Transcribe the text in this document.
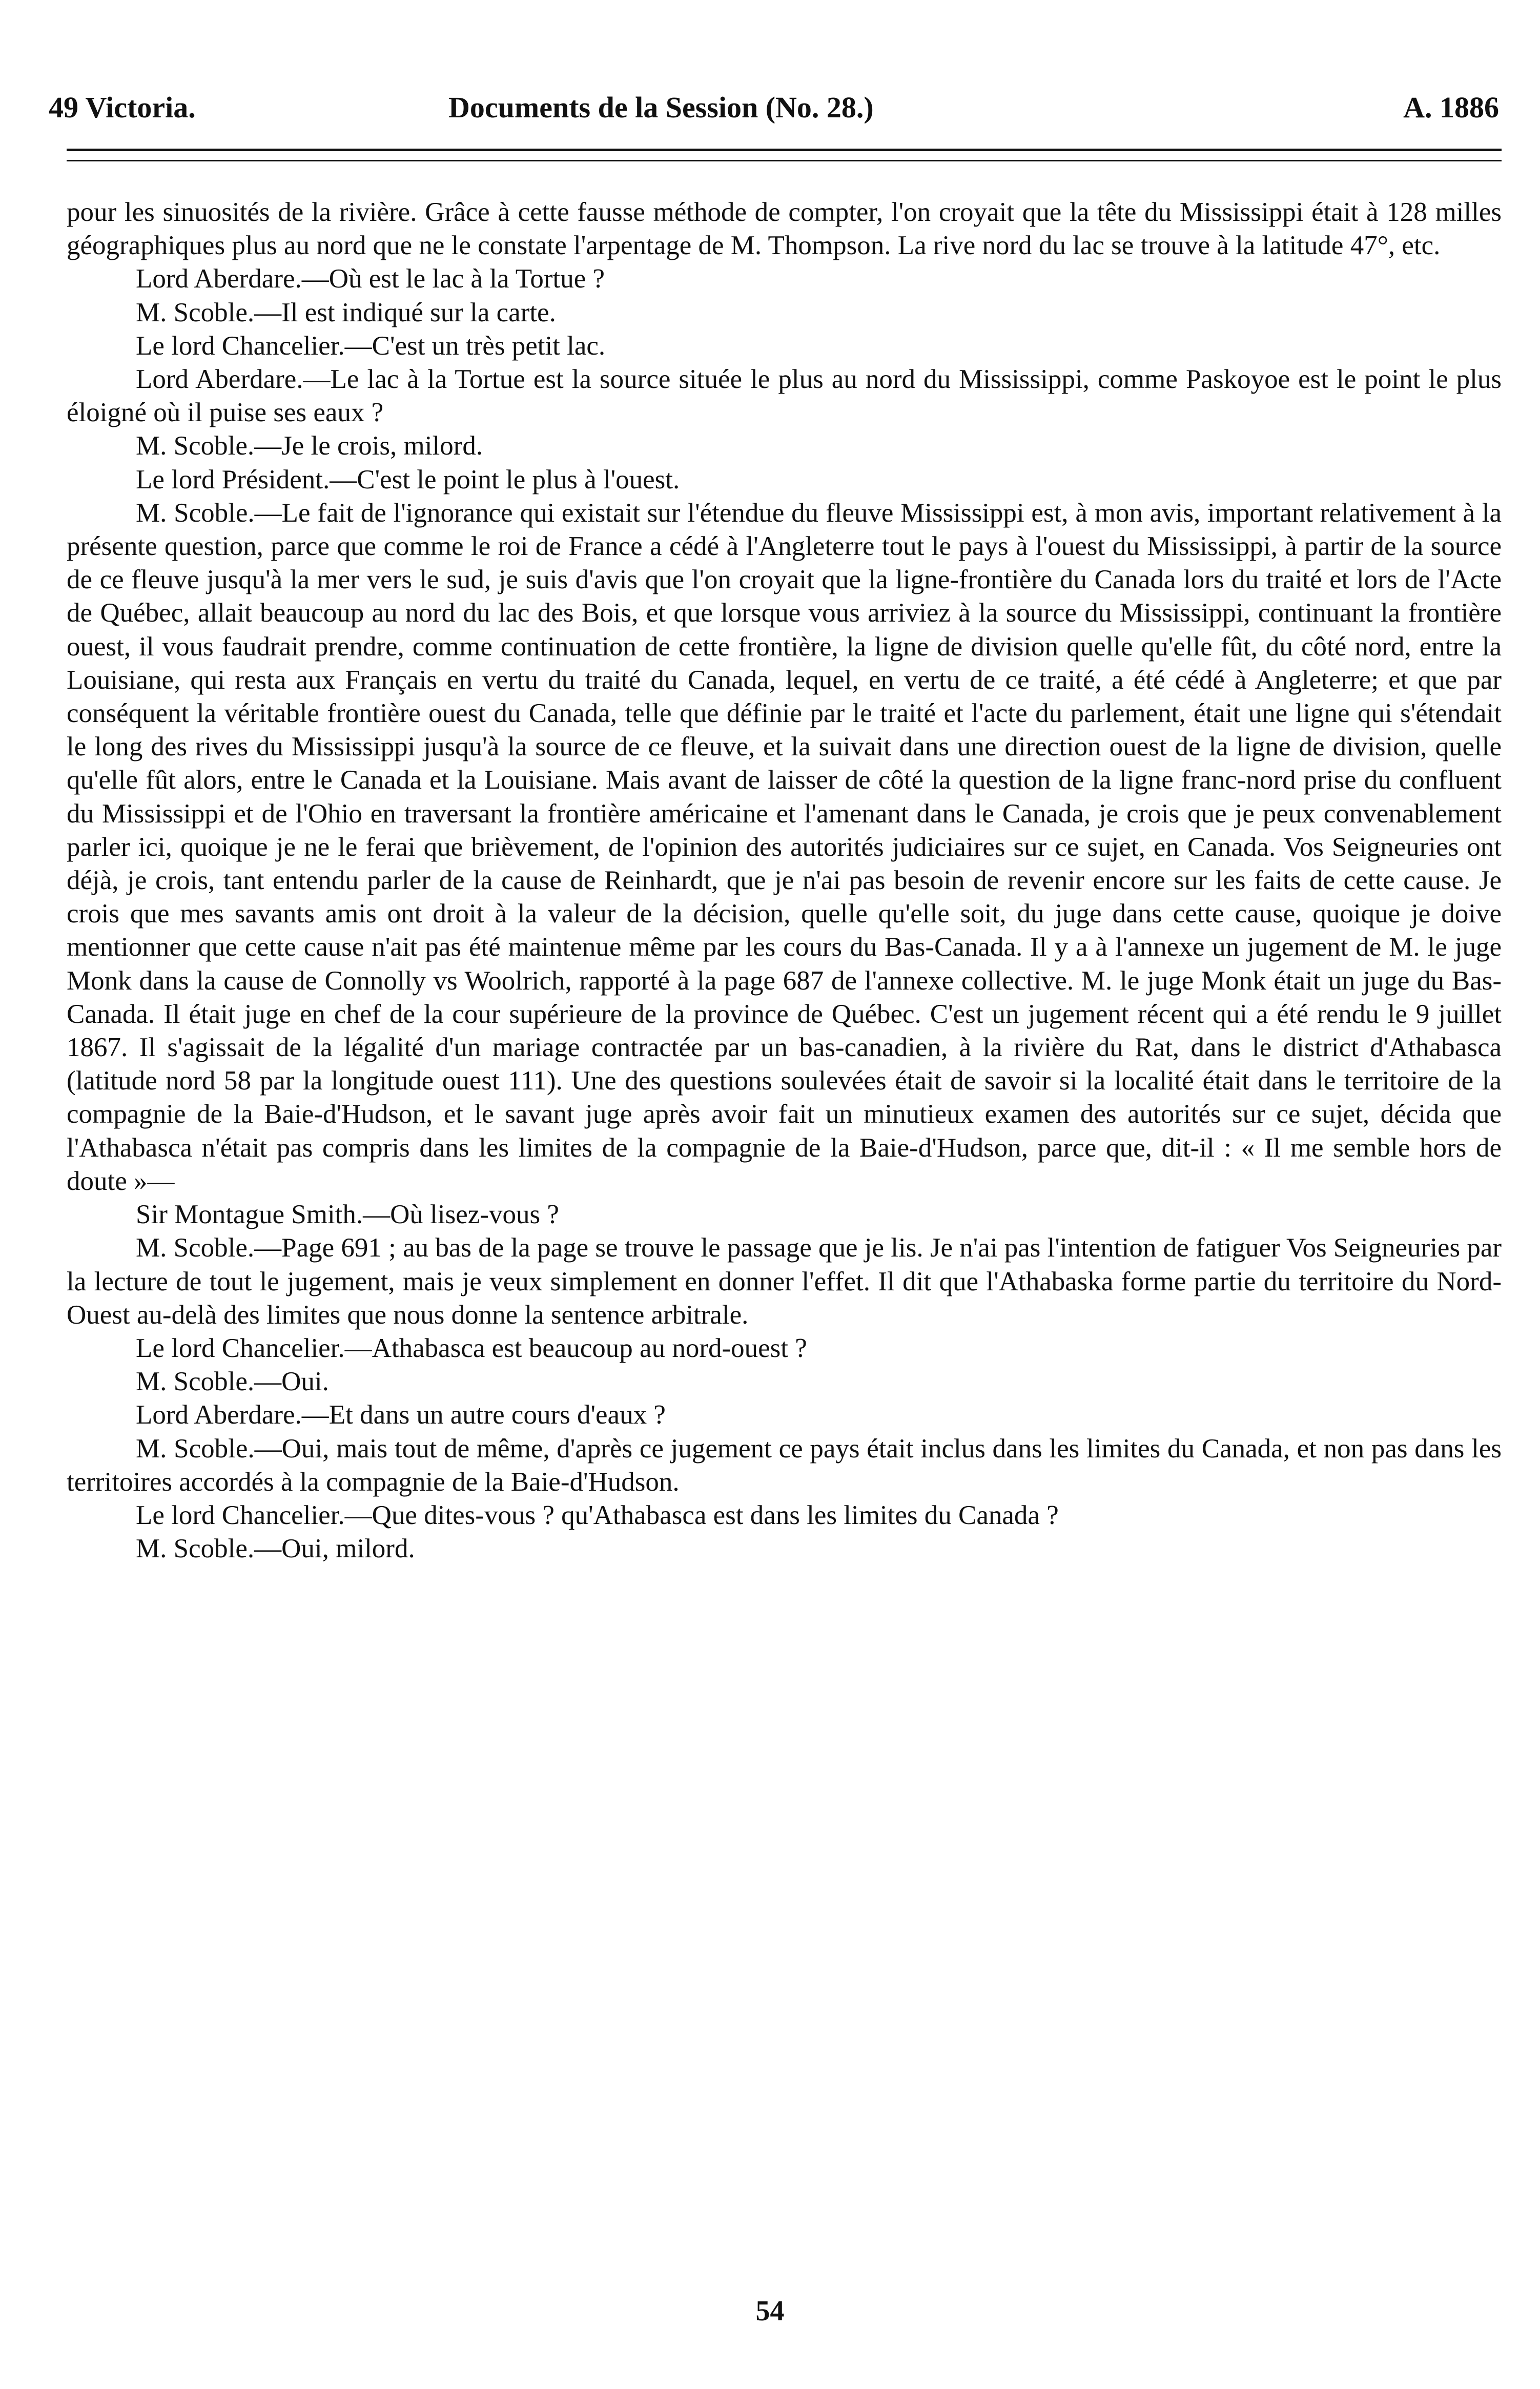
49 Victoria.	Documents de la Session (No. 28.)	A. 1886

pour les sinuosités de la rivière. Grâce à cette fausse méthode de compter, l'on croyait que la tête du Mississippi était à 128 milles géographiques plus au nord que ne le constate l'arpentage de M. Thompson. La rive nord du lac se trouve à la latitude 47°, etc.

Lord Aberdare.—Où est le lac à la Tortue ?

M. Scoble.—Il est indiqué sur la carte.

Le lord Chancelier.—C'est un très petit lac.

Lord Aberdare.—Le lac à la Tortue est la source située le plus au nord du Mississippi, comme Paskoyoe est le point le plus éloigné où il puise ses eaux ?

M. Scoble.—Je le crois, milord.

Le lord Président.—C'est le point le plus à l'ouest.

M. Scoble.—Le fait de l'ignorance qui existait sur l'étendue du fleuve Mississippi est, à mon avis, important relativement à la présente question, parce que comme le roi de France a cédé à l'Angleterre tout le pays à l'ouest du Mississippi, à partir de la source de ce fleuve jusqu'à la mer vers le sud, je suis d'avis que l'on croyait que la ligne-frontière du Canada lors du traité et lors de l'Acte de Québec, allait beaucoup au nord du lac des Bois, et que lorsque vous arriviez à la source du Mississippi, continuant la frontière ouest, il vous faudrait prendre, comme continuation de cette frontière, la ligne de division quelle qu'elle fût, du côté nord, entre la Louisiane, qui resta aux Français en vertu du traité du Canada, lequel, en vertu de ce traité, a été cédé à Angleterre; et que par conséquent la véritable frontière ouest du Canada, telle que définie par le traité et l'acte du parlement, était une ligne qui s'étendait le long des rives du Mississippi jusqu'à la source de ce fleuve, et la suivait dans une direction ouest de la ligne de division, quelle qu'elle fût alors, entre le Canada et la Louisiane. Mais avant de laisser de côté la question de la ligne franc-nord prise du confluent du Mississippi et de l'Ohio en traversant la frontière américaine et l'amenant dans le Canada, je crois que je peux convenablement parler ici, quoique je ne le ferai que brièvement, de l'opinion des autorités judiciaires sur ce sujet, en Canada. Vos Seigneuries ont déjà, je crois, tant entendu parler de la cause de Reinhardt, que je n'ai pas besoin de revenir encore sur les faits de cette cause. Je crois que mes savants amis ont droit à la valeur de la décision, quelle qu'elle soit, du juge dans cette cause, quoique je doive mentionner que cette cause n'ait pas été maintenue même par les cours du Bas-Canada. Il y a à l'annexe un jugement de M. le juge Monk dans la cause de Connolly vs Woolrich, rapporté à la page 687 de l'annexe collective. M. le juge Monk était un juge du Bas-Canada. Il était juge en chef de la cour supérieure de la province de Québec. C'est un jugement récent qui a été rendu le 9 juillet 1867. Il s'agissait de la légalité d'un mariage contractée par un bas-canadien, à la rivière du Rat, dans le district d'Athabasca (latitude nord 58 par la longitude ouest 111). Une des questions soulevées était de savoir si la localité était dans le territoire de la compagnie de la Baie-d'Hudson, et le savant juge après avoir fait un minutieux examen des autorités sur ce sujet, décida que l'Athabasca n'était pas compris dans les limites de la compagnie de la Baie-d'Hudson, parce que, dit-il : « Il me semble hors de doute »—

Sir Montague Smith.—Où lisez-vous ?

M. Scoble.—Page 691 ; au bas de la page se trouve le passage que je lis. Je n'ai pas l'intention de fatiguer Vos Seigneuries par la lecture de tout le jugement, mais je veux simplement en donner l'effet. Il dit que l'Athabaska forme partie du territoire du Nord-Ouest au-delà des limites que nous donne la sentence arbitrale.

Le lord Chancelier.—Athabasca est beaucoup au nord-ouest ?

M. Scoble.—Oui.

Lord Aberdare.—Et dans un autre cours d'eaux ?

M. Scoble.—Oui, mais tout de même, d'après ce jugement ce pays était inclus dans les limites du Canada, et non pas dans les territoires accordés à la compagnie de la Baie-d'Hudson.

Le lord Chancelier.—Que dites-vous ? qu'Athabasca est dans les limites du Canada ?

M. Scoble.—Oui, milord.

54
